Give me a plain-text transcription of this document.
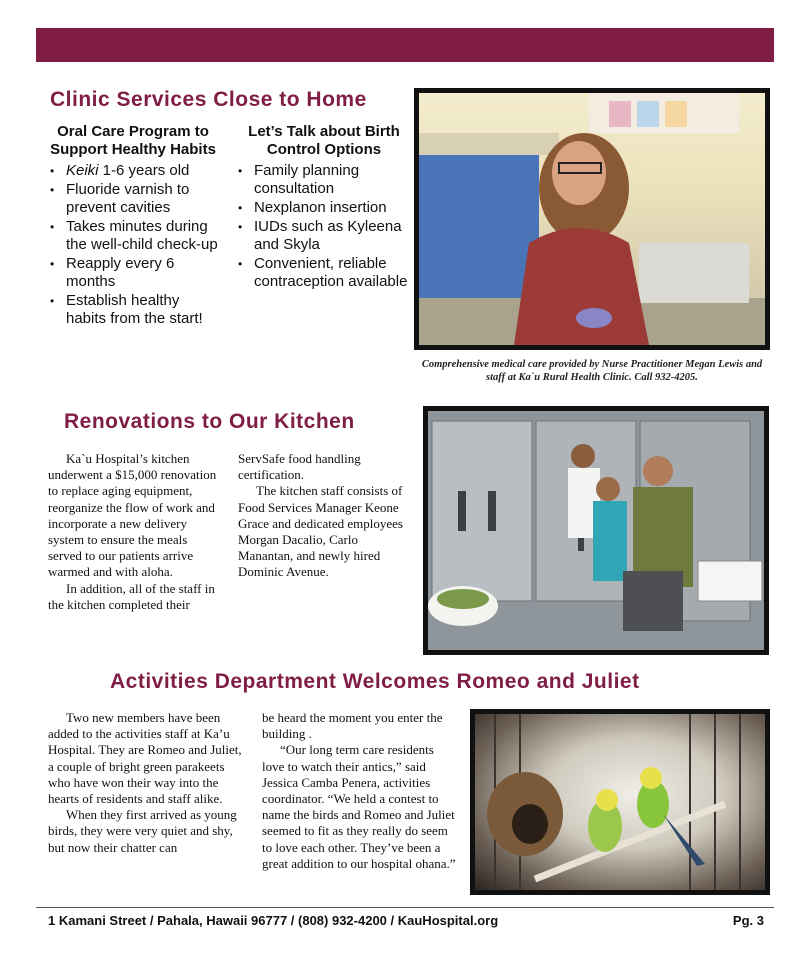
Clinic Services Close to Home
Oral Care Program to Support Healthy Habits
• Keiki 1-6 years old
• Fluoride varnish to prevent cavities
• Takes minutes during the well-child check-up
• Reapply every 6 months
• Establish healthy habits from the start!
Let’s Talk about Birth Control Options
• Family planning consultation
• Nexplanon insertion
• IUDs such as Kyleena and Skyla
• Convenient, reliable contraception available
Comprehensive medical care provided by Nurse Practitioner Megan Lewis and staff at Ka`u Rural Health Clinic. Call 932-4205.
Renovations to Our Kitchen

Ka`u Hospital’s kitchen underwent a $15,000 renovation to replace aging equipment, reorganize the flow of work and incorporate a new delivery system to ensure the meals served to our patients arrive warmed and with aloha.

In addition, all of the staff in the kitchen completed their

ServSafe food handling certification.

The kitchen staff consists of Food Services Manager Keone Grace and dedicated employees Morgan Dacalio, Carlo Manantan, and newly hired Dominic Avenue.

Activities Department Welcomes Romeo and Juliet

Two new members have been added to the activities staff at Ka’u Hospital. They are Romeo and Juliet, a couple of bright green parakeets who have won their way into the hearts of residents and staff alike.

When they first arrived as young birds, they were very quiet and shy, but now their chatter can

be heard the moment you enter the building .

“Our long term care residents love to watch their antics,” said Jessica Camba Penera, activities coordinator. “We held a contest to name the birds and Romeo and Juliet seemed to fit as they really do seem to love each other. They’ve been a great addition to our hospital ohana.”

1 Kamani Street / Pahala, Hawaii 96777 / (808) 932-4200 / KauHospital.org	Pg. 3
